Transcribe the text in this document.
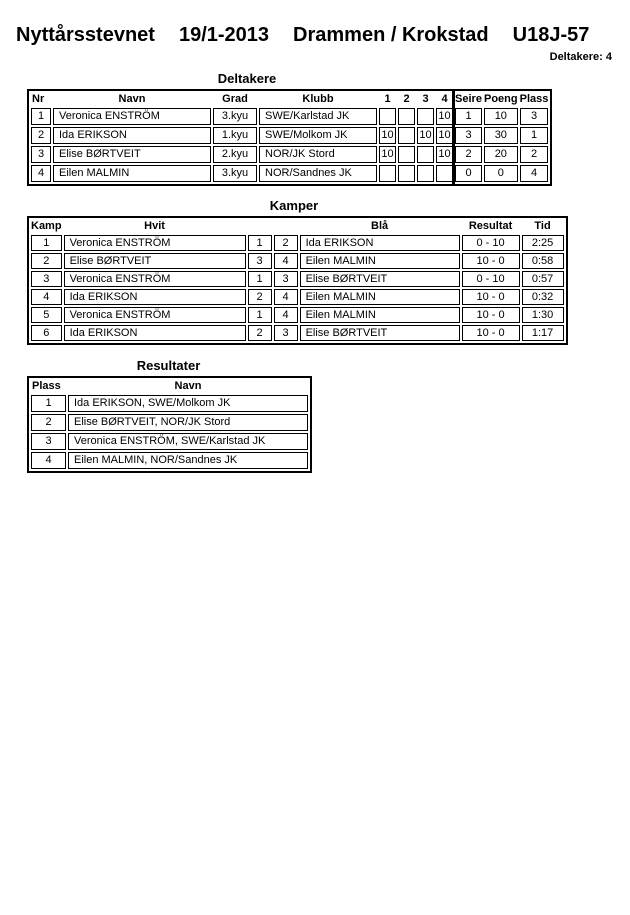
Nyttårsstevnet 19/1-2013 Drammen / Krokstad U18J-57
Deltakere: 4
Deltakere
Nr	Navn	Grad	Klubb	1	2	3	4	Seire	Poeng	Plass
1	Veronica ENSTRÖM	3.kyu	SWE/Karlstad JK				10	1	10	3
2	Ida ERIKSON	1.kyu	SWE/Molkom JK	10		10	10	3	30	1
3	Elise BØRTVEIT	2.kyu	NOR/JK Stord	10			10	2	20	2
4	Eilen MALMIN	3.kyu	NOR/Sandnes JK					0	0	4
Kamper
Kamp	Hvit			Blå	Resultat	Tid
1	Veronica ENSTRÖM	1	2	Ida ERIKSON	0 - 10	2:25
2	Elise BØRTVEIT	3	4	Eilen MALMIN	10 - 0	0:58
3	Veronica ENSTRÖM	1	3	Elise BØRTVEIT	0 - 10	0:57
4	Ida ERIKSON	2	4	Eilen MALMIN	10 - 0	0:32
5	Veronica ENSTRÖM	1	4	Eilen MALMIN	10 - 0	1:30
6	Ida ERIKSON	2	3	Elise BØRTVEIT	10 - 0	1:17
Resultater
Plass	Navn
1	Ida ERIKSON, SWE/Molkom JK
2	Elise BØRTVEIT, NOR/JK Stord
3	Veronica ENSTRÖM, SWE/Karlstad JK
4	Eilen MALMIN, NOR/Sandnes JK
